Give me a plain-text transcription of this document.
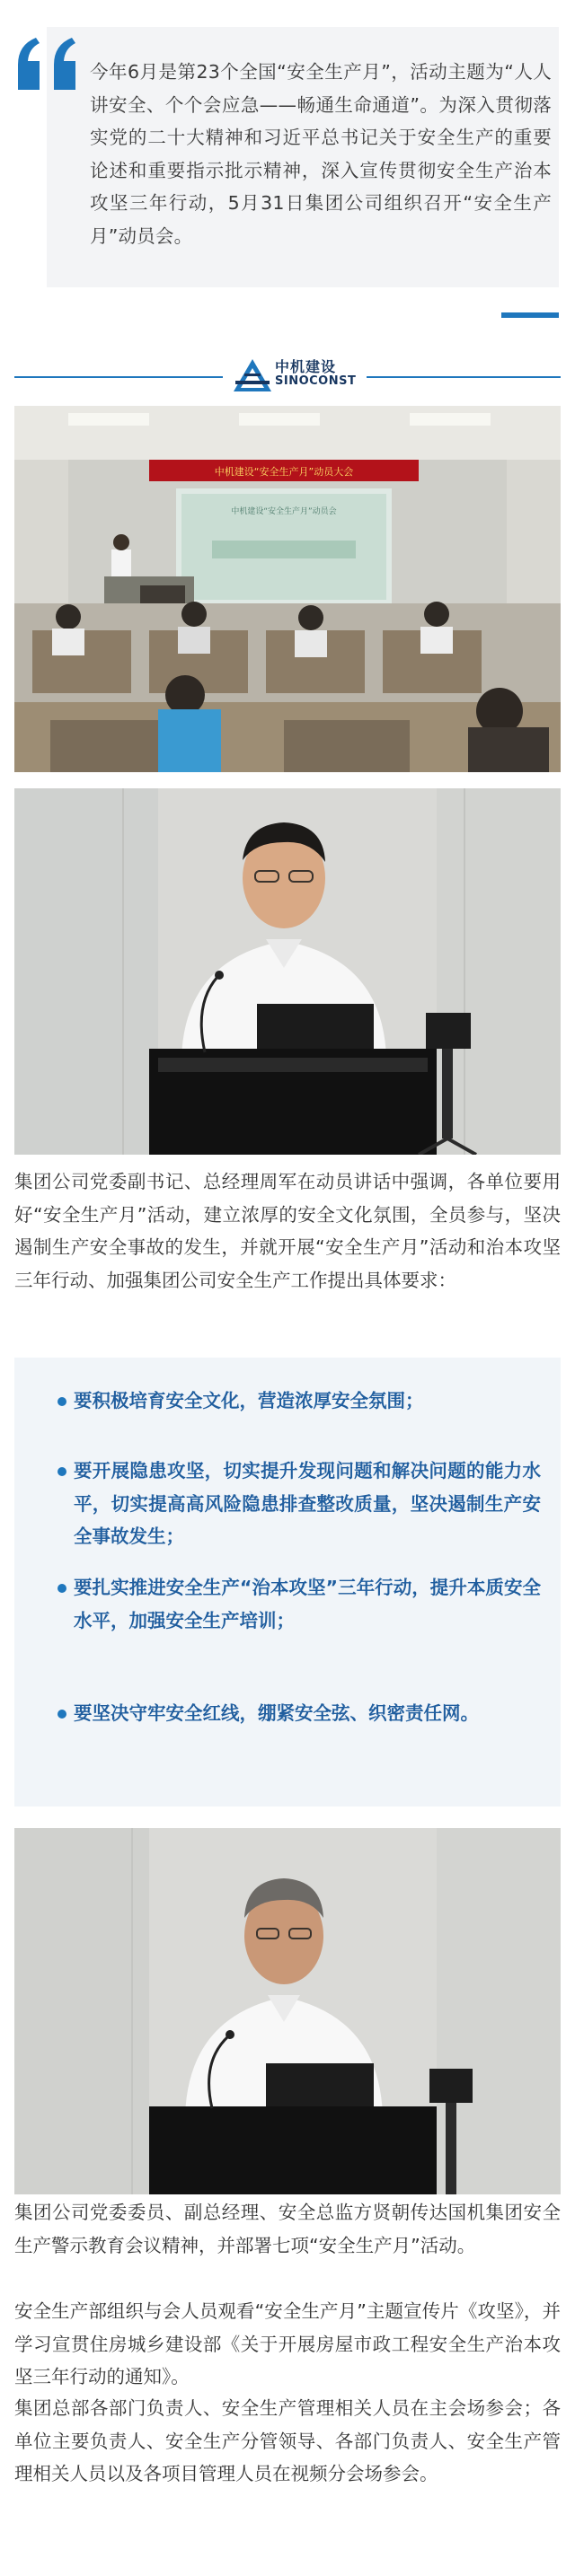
今年6月是第23个全国“安全生产月”，活动主题为“人人讲安全、个个会应急——畅通生命通道”。为深入贯彻落实党的二十大精神和习近平总书记关于安全生产的重要论述和重要指示批示精神，深入宣传贯彻安全生产治本攻坚三年行动，5月31日集团公司组织召开“安全生产月”动员会。

中机建设
SINOCONST
中机建设“安全生产月”动员大会
中机建设“安全生产月”动员会

集团公司党委副书记、总经理周军在动员讲话中强调，各单位要用好“安全生产月”活动，建立浓厚的安全文化氛围，全员参与，坚决遏制生产安全事故的发生，并就开展“安全生产月”活动和治本攻坚三年行动、加强集团公司安全生产工作提出具体要求：

要积极培育安全文化，营造浓厚安全氛围；

要开展隐患攻坚，切实提升发现问题和解决问题的能力水平，切实提高高风险隐患排查整改质量，坚决遏制生产安全事故发生；

要扎实推进安全生产“治本攻坚”三年行动，提升本质安全水平，加强安全生产培训；

要坚决守牢安全红线，绷紧安全弦、织密责任网。

集团公司党委委员、副总经理、安全总监方贤朝传达国机集团安全生产警示教育会议精神，并部署七项“安全生产月”活动。

安全生产部组织与会人员观看“安全生产月”主题宣传片《攻坚》，并学习宣贯住房城乡建设部《关于开展房屋市政工程安全生产治本攻坚三年行动的通知》。

集团总部各部门负责人、安全生产管理相关人员在主会场参会；各单位主要负责人、安全生产分管领导、各部门负责人、安全生产管理相关人员以及各项目管理人员在视频分会场参会。
